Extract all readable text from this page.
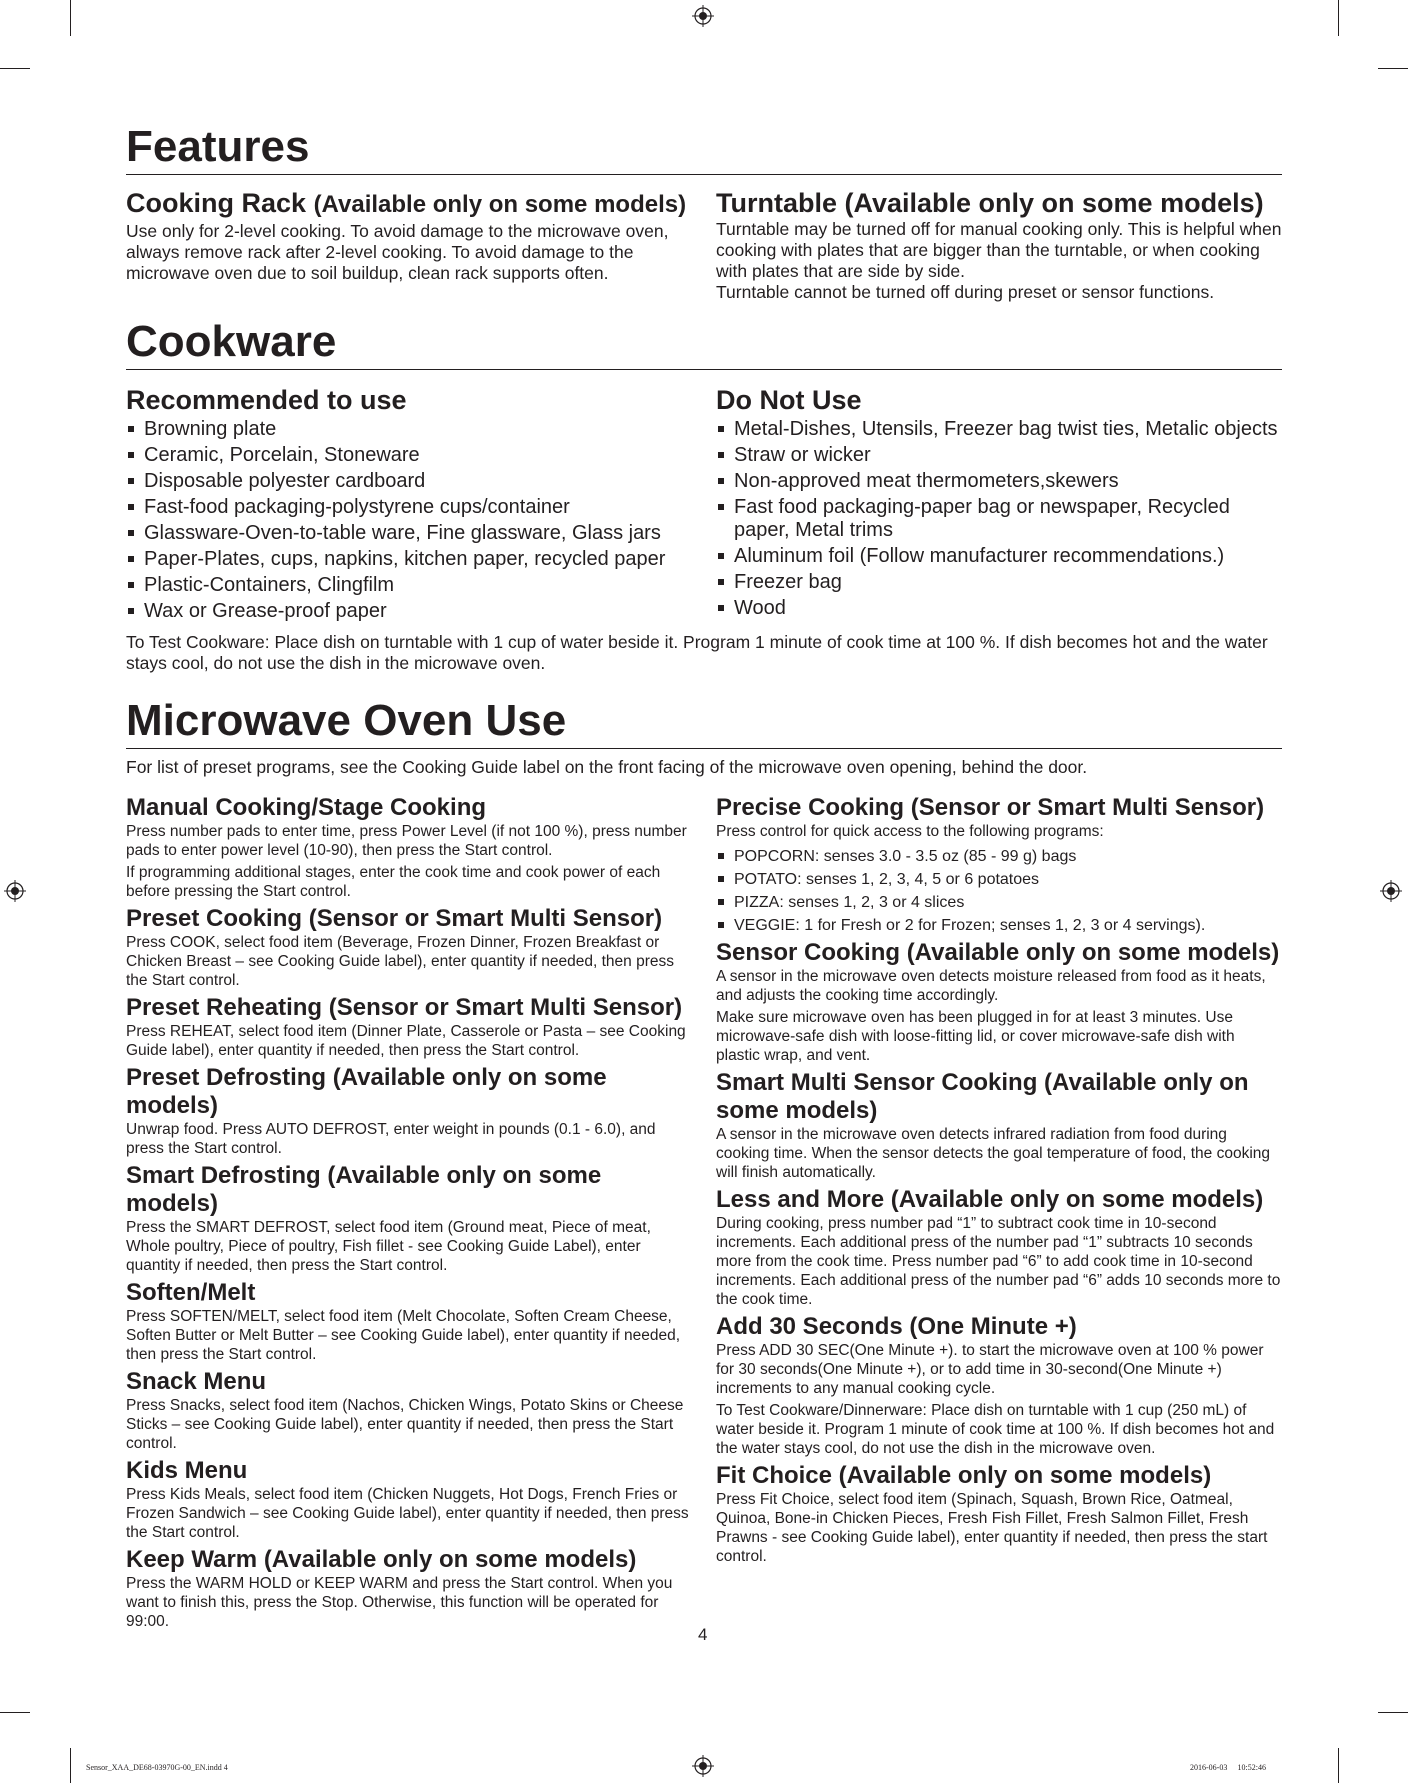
Features
Cooking Rack (Available only on some models)

Use only for 2-level cooking. To avoid damage to the microwave oven, always remove rack after 2-level cooking. To avoid damage to the microwave oven due to soil buildup, clean rack supports often.

Turntable (Available only on some models)

Turntable may be turned off for manual cooking only. This is helpful when cooking with plates that are bigger than the turntable, or when cooking with plates that are side by side.

Turntable cannot be turned off during preset or sensor functions.

Cookware
Recommended to use
Browning plate
Ceramic, Porcelain, Stoneware
Disposable polyester cardboard
Fast-food packaging-polystyrene cups/container
Glassware-Oven-to-table ware, Fine glassware, Glass jars
Paper-Plates, cups, napkins, kitchen paper, recycled paper
Plastic-Containers, Clingfilm
Wax or Grease-proof paper
Do Not Use
Metal-Dishes, Utensils, Freezer bag twist ties, Metalic objects
Straw or wicker
Non-approved meat thermometers,skewers
Fast food packaging-paper bag or newspaper, Recycled paper, Metal trims
Aluminum foil (Follow manufacturer recommendations.)
Freezer bag
Wood

To Test Cookware: Place dish on turntable with 1 cup of water beside it. Program 1 minute of cook time at 100 %. If dish becomes hot and the water stays cool, do not use the dish in the microwave oven.

Microwave Oven Use

For list of preset programs, see the Cooking Guide label on the front facing of the microwave oven opening, behind the door.

Manual Cooking/Stage Cooking

Press number pads to enter time, press Power Level (if not 100 %), press number pads to enter power level (10-90), then press the Start control.

If programming additional stages, enter the cook time and cook power of each before pressing the Start control.

Preset Cooking (Sensor or Smart Multi Sensor)

Press COOK, select food item (Beverage, Frozen Dinner, Frozen Breakfast or Chicken Breast – see Cooking Guide label), enter quantity if needed, then press the Start control.

Preset Reheating (Sensor or Smart Multi Sensor)

Press REHEAT, select food item (Dinner Plate, Casserole or Pasta – see Cooking Guide label), enter quantity if needed, then press the Start control.

Preset Defrosting (Available only on some models)

Unwrap food. Press AUTO DEFROST, enter weight in pounds (0.1 - 6.0), and press the Start control.

Smart Defrosting (Available only on some models)

Press the SMART DEFROST, select food item (Ground meat, Piece of meat, Whole poultry, Piece of poultry, Fish fillet - see Cooking Guide Label), enter quantity if needed, then press the Start control.

Soften/Melt

Press SOFTEN/MELT, select food item (Melt Chocolate, Soften Cream Cheese, Soften Butter or Melt Butter – see Cooking Guide label), enter quantity if needed, then press the Start control.

Snack Menu

Press Snacks, select food item (Nachos, Chicken Wings, Potato Skins or Cheese Sticks – see Cooking Guide label), enter quantity if needed, then press the Start control.

Kids Menu

Press Kids Meals, select food item (Chicken Nuggets, Hot Dogs, French Fries or Frozen Sandwich – see Cooking Guide label), enter quantity if needed, then press the Start control.

Keep Warm (Available only on some models)

Press the WARM HOLD or KEEP WARM and press the Start control. When you want to finish this, press the Stop. Otherwise, this function will be operated for 99:00.

Precise Cooking (Sensor or Smart Multi Sensor)

Press control for quick access to the following programs:

POPCORN: senses 3.0 - 3.5 oz (85 - 99 g) bags
POTATO: senses 1, 2, 3, 4, 5 or 6 potatoes
PIZZA: senses 1, 2, 3 or 4 slices
VEGGIE: 1 for Fresh or 2 for Frozen; senses 1, 2, 3 or 4 servings).
Sensor Cooking (Available only on some models)

A sensor in the microwave oven detects moisture released from food as it heats, and adjusts the cooking time accordingly.

Make sure microwave oven has been plugged in for at least 3 minutes. Use microwave-safe dish with loose-fitting lid, or cover microwave-safe dish with plastic wrap, and vent.

Smart Multi Sensor Cooking (Available only on some models)

A sensor in the microwave oven detects infrared radiation from food during cooking time. When the sensor detects the goal temperature of food, the cooking will finish automatically.

Less and More (Available only on some models)

During cooking, press number pad “1” to subtract cook time in 10-second increments. Each additional press of the number pad “1” subtracts 10 seconds more from the cook time. Press number pad “6” to add cook time in 10-second increments. Each additional press of the number pad “6” adds 10 seconds more to the cook time.

Add 30 Seconds (One Minute +)

Press ADD 30 SEC(One Minute +). to start the microwave oven at 100 % power for 30 seconds(One Minute +), or to add time in 30-second(One Minute +) increments to any manual cooking cycle.

To Test Cookware/Dinnerware: Place dish on turntable with 1 cup (250 mL) of water beside it. Program 1 minute of cook time at 100 %. If dish becomes hot and the water stays cool, do not use the dish in the microwave oven.

Fit Choice (Available only on some models)

Press Fit Choice, select food item (Spinach, Squash, Brown Rice, Oatmeal, Quinoa, Bone-in Chicken Pieces, Fresh Fish Fillet, Fresh Salmon Fillet, Fresh Prawns - see Cooking Guide label), enter quantity if needed, then press the start control.

4
Sensor_XAA_DE68-03970G-00_EN.indd 4	2016-06-03 ￿ 10:52:46
